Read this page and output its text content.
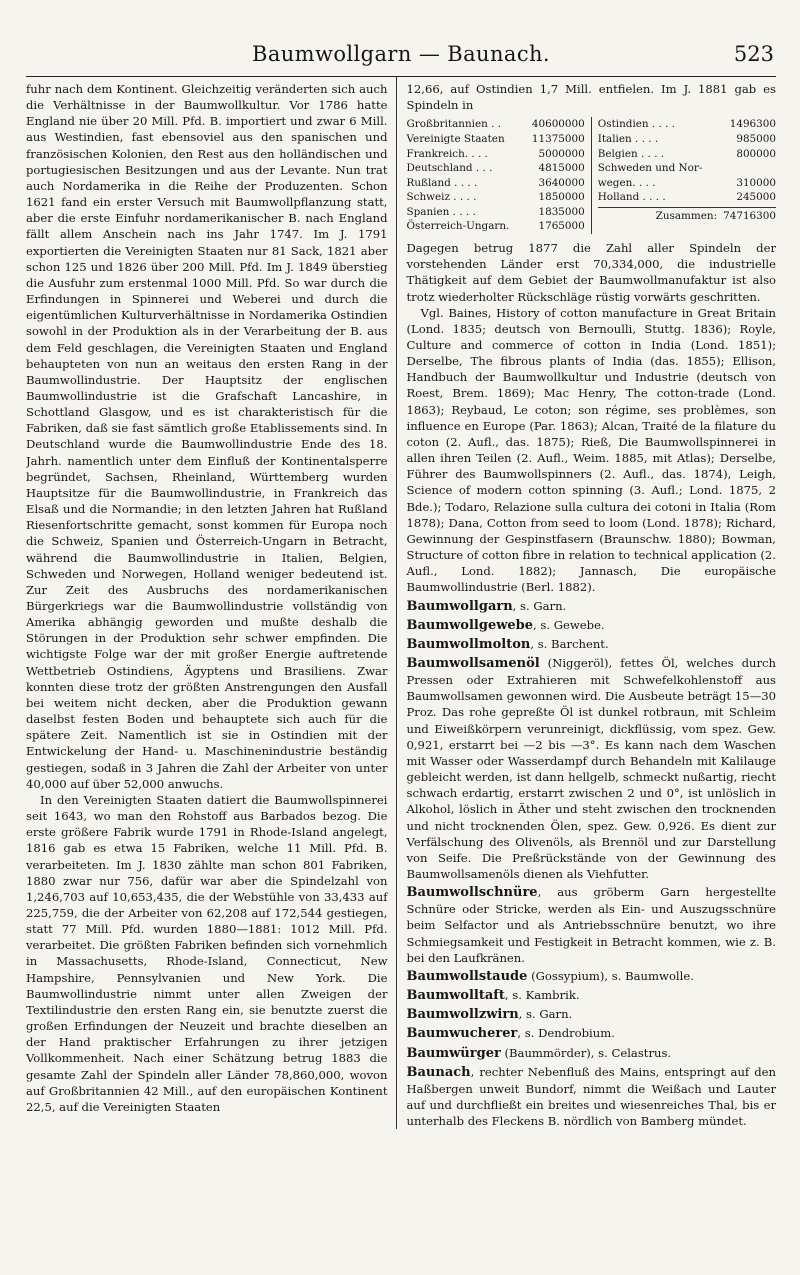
Baumwollgarn — Baunach.	523

fuhr nach dem Kontinent. Gleichzeitig veränderten sich auch die Verhältnisse in der Baumwollkultur. Vor 1786 hatte England nie über 20 Mill. Pfd. B. importiert und zwar 6 Mill. aus Westindien, fast ebensoviel aus den spanischen und französischen Kolonien, den Rest aus den holländischen und portugiesischen Besitzungen und aus der Levante. Nun trat auch Nordamerika in die Reihe der Produzenten. Schon 1621 fand ein erster Versuch mit Baumwollpflanzung statt, aber die erste Einfuhr nordamerikanischer B. nach England fällt allem Anschein nach ins Jahr 1747. Im J. 1791 exportierten die Vereinigten Staaten nur 81 Sack, 1821 aber schon 125 und 1826 über 200 Mill. Pfd. Im J. 1849 überstieg die Ausfuhr zum erstenmal 1000 Mill. Pfd. So war durch die Erfindungen in Spinnerei und Weberei und durch die eigentümlichen Kulturverhältnisse in Nordamerika Ostindien sowohl in der Produktion als in der Verarbeitung der B. aus dem Feld geschlagen, die Vereinigten Staaten und England behaupteten von nun an weitaus den ersten Rang in der Baumwollindustrie. Der Hauptsitz der englischen Baumwollindustrie ist die Grafschaft Lancashire, in Schottland Glasgow, und es ist charakteristisch für die Fabriken, daß sie fast sämtlich große Etablissements sind. In Deutschland wurde die Baumwollindustrie Ende des 18. Jahrh. namentlich unter dem Einfluß der Kontinentalsperre begründet, Sachsen, Rheinland, Württemberg wurden Hauptsitze für die Baumwollindustrie, in Frankreich das Elsaß und die Normandie; in den letzten Jahren hat Rußland Riesenfortschritte gemacht, sonst kommen für Europa noch die Schweiz, Spanien und Österreich-Ungarn in Betracht, während die Baumwollindustrie in Italien, Belgien, Schweden und Norwegen, Holland weniger bedeutend ist. Zur Zeit des Ausbruchs des nordamerikanischen Bürgerkriegs war die Baumwollindustrie vollständig von Amerika abhängig geworden und mußte deshalb die Störungen in der Produktion sehr schwer empfinden. Die wichtigste Folge war der mit großer Energie auftretende Wettbetrieb Ostindiens, Ägyptens und Brasiliens. Zwar konnten diese trotz der größten Anstrengungen den Ausfall bei weitem nicht decken, aber die Produktion gewann daselbst festen Boden und behauptete sich auch für die spätere Zeit. Namentlich ist sie in Ostindien mit der Entwickelung der Hand- u. Maschinenindustrie beständig gestiegen, sodaß in 3 Jahren die Zahl der Arbeiter von unter 40,000 auf über 52,000 anwuchs.

In den Vereinigten Staaten datiert die Baumwollspinnerei seit 1643, wo man den Rohstoff aus Barbados bezog. Die erste größere Fabrik wurde 1791 in Rhode-Island angelegt, 1816 gab es etwa 15 Fabriken, welche 11 Mill. Pfd. B. verarbeiteten. Im J. 1830 zählte man schon 801 Fabriken, 1880 zwar nur 756, dafür war aber die Spindelzahl von 1,246,703 auf 10,653,435, die der Webstühle von 33,433 auf 225,759, die der Arbeiter von 62,208 auf 172,544 gestiegen, statt 77 Mill. Pfd. wurden 1880—1881: 1012 Mill. Pfd. verarbeitet. Die größten Fabriken befinden sich vornehmlich in Massachusetts, Rhode-Island, Connecticut, New Hampshire, Pennsylvanien und New York. Die Baumwollindustrie nimmt unter allen Zweigen der Textilindustrie den ersten Rang ein, sie benutzte zuerst die großen Erfindungen der Neuzeit und brachte dieselben an der Hand praktischer Erfahrungen zu ihrer jetzigen Vollkommenheit. Nach einer Schätzung betrug 1883 die gesamte Zahl der Spindeln aller Länder 78,860,000, wovon auf Großbritannien 42 Mill., auf den europäischen Kontinent 22,5, auf die Vereinigten Staaten

12,66, auf Ostindien 1,7 Mill. entfielen. Im J. 1881 gab es Spindeln in

Großbritannien . .	40600000
Vereinigte Staaten	11375000
Frankreich. . . .	5000000
Deutschland . . .	4815000
Rußland . . . .	3640000
Schweiz . . . .	1850000
Spanien . . . .	1835000
Österreich-Ungarn.	1765000
Ostindien . . . .	1496300
Italien . . . .	985000
Belgien . . . .	800000
Schweden und Nor-
wegen. . . .	310000
Holland . . . .	245000
Zusammen: 74716300

Dagegen betrug 1877 die Zahl aller Spindeln der vorstehenden Länder erst 70,334,000, die industrielle Thätigkeit auf dem Gebiet der Baumwollmanufaktur ist also trotz wiederholter Rückschläge rüstig vorwärts geschritten.

Vgl. Baines, History of cotton manufacture in Great Britain (Lond. 1835; deutsch von Bernoulli, Stuttg. 1836); Royle, Culture and commerce of cotton in India (Lond. 1851); Derselbe, The fibrous plants of India (das. 1855); Ellison, Handbuch der Baumwollkultur und Industrie (deutsch von Roest, Brem. 1869); Mac Henry, The cotton-trade (Lond. 1863); Reybaud, Le coton; son régime, ses problèmes, son influence en Europe (Par. 1863); Alcan, Traité de la filature du coton (2. Aufl., das. 1875); Rieß, Die Baumwollspinnerei in allen ihren Teilen (2. Aufl., Weim. 1885, mit Atlas); Derselbe, Führer des Baumwollspinners (2. Aufl., das. 1874), Leigh, Science of modern cotton spinning (3. Aufl.; Lond. 1875, 2 Bde.); Todaro, Relazione sulla cultura dei cotoni in Italia (Rom 1878); Dana, Cotton from seed to loom (Lond. 1878); Richard, Gewinnung der Gespinstfasern (Braunschw. 1880); Bowman, Structure of cotton fibre in relation to technical application (2. Aufl., Lond. 1882); Jannasch, Die europäische Baumwollindustrie (Berl. 1882).

Baumwollgarn, s. Garn.

Baumwollgewebe, s. Gewebe.

Baumwollmolton, s. Barchent.

Baumwollsamenöl (Niggeröl), fettes Öl, welches durch Pressen oder Extrahieren mit Schwefelkohlenstoff aus Baumwollsamen gewonnen wird. Die Ausbeute beträgt 15—30 Proz. Das rohe gepreßte Öl ist dunkel rotbraun, mit Schleim und Eiweißkörpern verunreinigt, dickflüssig, vom spez. Gew. 0,921, erstarrt bei —2 bis —3°. Es kann nach dem Waschen mit Wasser oder Wasserdampf durch Behandeln mit Kalilauge gebleicht werden, ist dann hellgelb, schmeckt nußartig, riecht schwach erdartig, erstarrt zwischen 2 und 0°, ist unlöslich in Alkohol, löslich in Äther und steht zwischen den trocknenden und nicht trocknenden Ölen, spez. Gew. 0,926. Es dient zur Verfälschung des Olivenöls, als Brennöl und zur Darstellung von Seife. Die Preßrückstände von der Gewinnung des Baumwollsamenöls dienen als Viehfutter.

Baumwollschnüre, aus gröberm Garn hergestellte Schnüre oder Stricke, werden als Ein- und Auszugsschnüre beim Selfactor und als Antriebsschnüre benutzt, wo ihre Schmiegsamkeit und Festigkeit in Betracht kommen, wie z. B. bei den Laufkränen.

Baumwollstaude (Gossypium), s. Baumwolle.

Baumwolltaft, s. Kambrik.

Baumwollzwirn, s. Garn.

Baumwucherer, s. Dendrobium.

Baumwürger (Baummörder), s. Celastrus.

Baunach, rechter Nebenfluß des Mains, entspringt auf den Haßbergen unweit Bundorf, nimmt die Weißach und Lauter auf und durchfließt ein breites und wiesenreiches Thal, bis er unterhalb des Fleckens B. nördlich von Bamberg mündet.
